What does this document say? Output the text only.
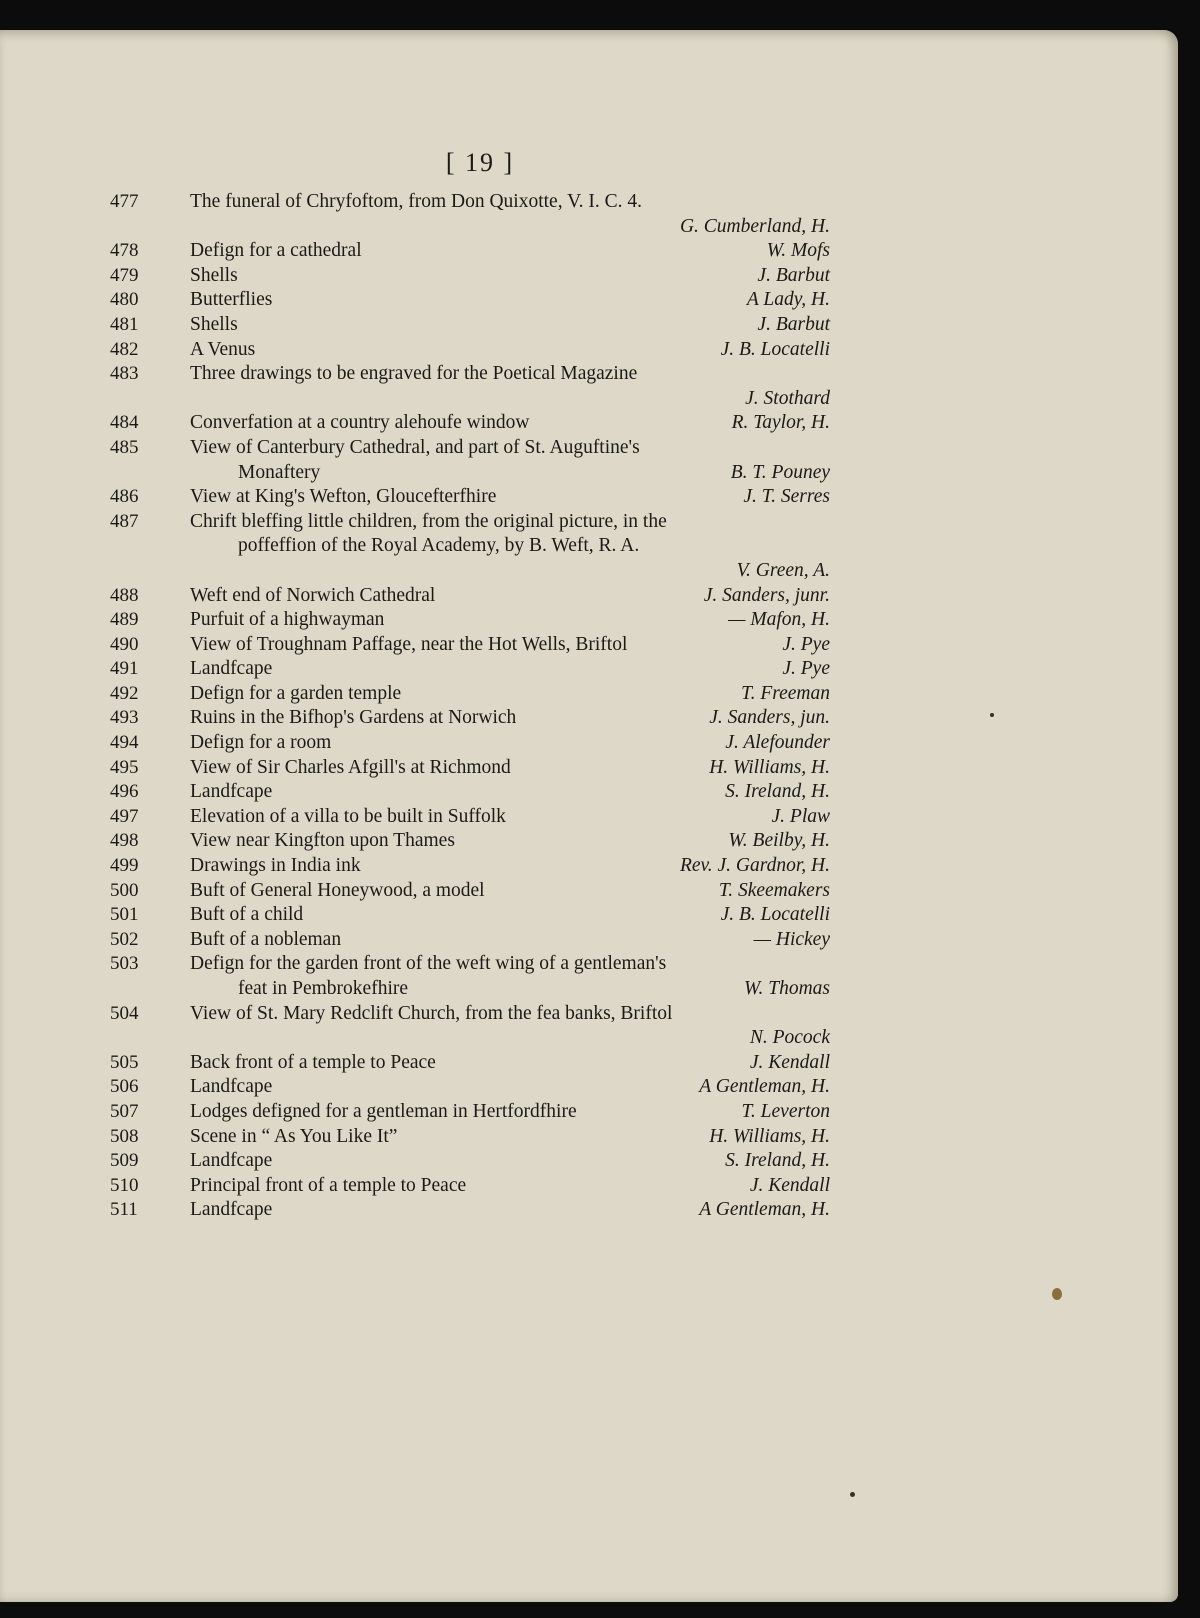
[ 19 ]
477	The funeral of Chryfoftom, from Don Quixotte, V. I. C. 4.
G. Cumberland, H.
478	Defign for a cathedral	W. Mofs
479	Shells	J. Barbut
480	Butterflies	A Lady, H.
481	Shells	J. Barbut
482	A Venus	J. B. Locatelli
483	Three drawings to be engraved for the Poetical Magazine
J. Stothard
484	Converfation at a country alehoufe window	R. Taylor, H.
485	View of Canterbury Cathedral, and part of St. Auguftine's
Monaftery	B. T. Pouney
486	View at King's Wefton, Gloucefterfhire	J. T. Serres
487	Chrift bleffing little children, from the original picture, in the
poffeffion of the Royal Academy, by B. Weft, R. A.
V. Green, A.
488	Weft end of Norwich Cathedral	J. Sanders, junr.
489	Purfuit of a highwayman	— Mafon, H.
490	View of Troughnam Paffage, near the Hot Wells, Briftol	J. Pye
491	Landfcape	J. Pye
492	Defign for a garden temple	T. Freeman
493	Ruins in the Bifhop's Gardens at Norwich	J. Sanders, jun.
494	Defign for a room	J. Alefounder
495	View of Sir Charles Afgill's at Richmond	H. Williams, H.
496	Landfcape	S. Ireland, H.
497	Elevation of a villa to be built in Suffolk	J. Plaw
498	View near Kingfton upon Thames	W. Beilby, H.
499	Drawings in India ink	Rev. J. Gardnor, H.
500	Buft of General Honeywood, a model	T. Skeemakers
501	Buft of a child	J. B. Locatelli
502	Buft of a nobleman	— Hickey
503	Defign for the garden front of the weft wing of a gentleman's
feat in Pembrokefhire	W. Thomas
504	View of St. Mary Redclift Church, from the fea banks, Briftol
N. Pocock
505	Back front of a temple to Peace	J. Kendall
506	Landfcape	A Gentleman, H.
507	Lodges defigned for a gentleman in Hertfordfhire	T. Leverton
508	Scene in “ As You Like It”	H. Williams, H.
509	Landfcape	S. Ireland, H.
510	Principal front of a temple to Peace	J. Kendall
511	Landfcape	A Gentleman, H.
